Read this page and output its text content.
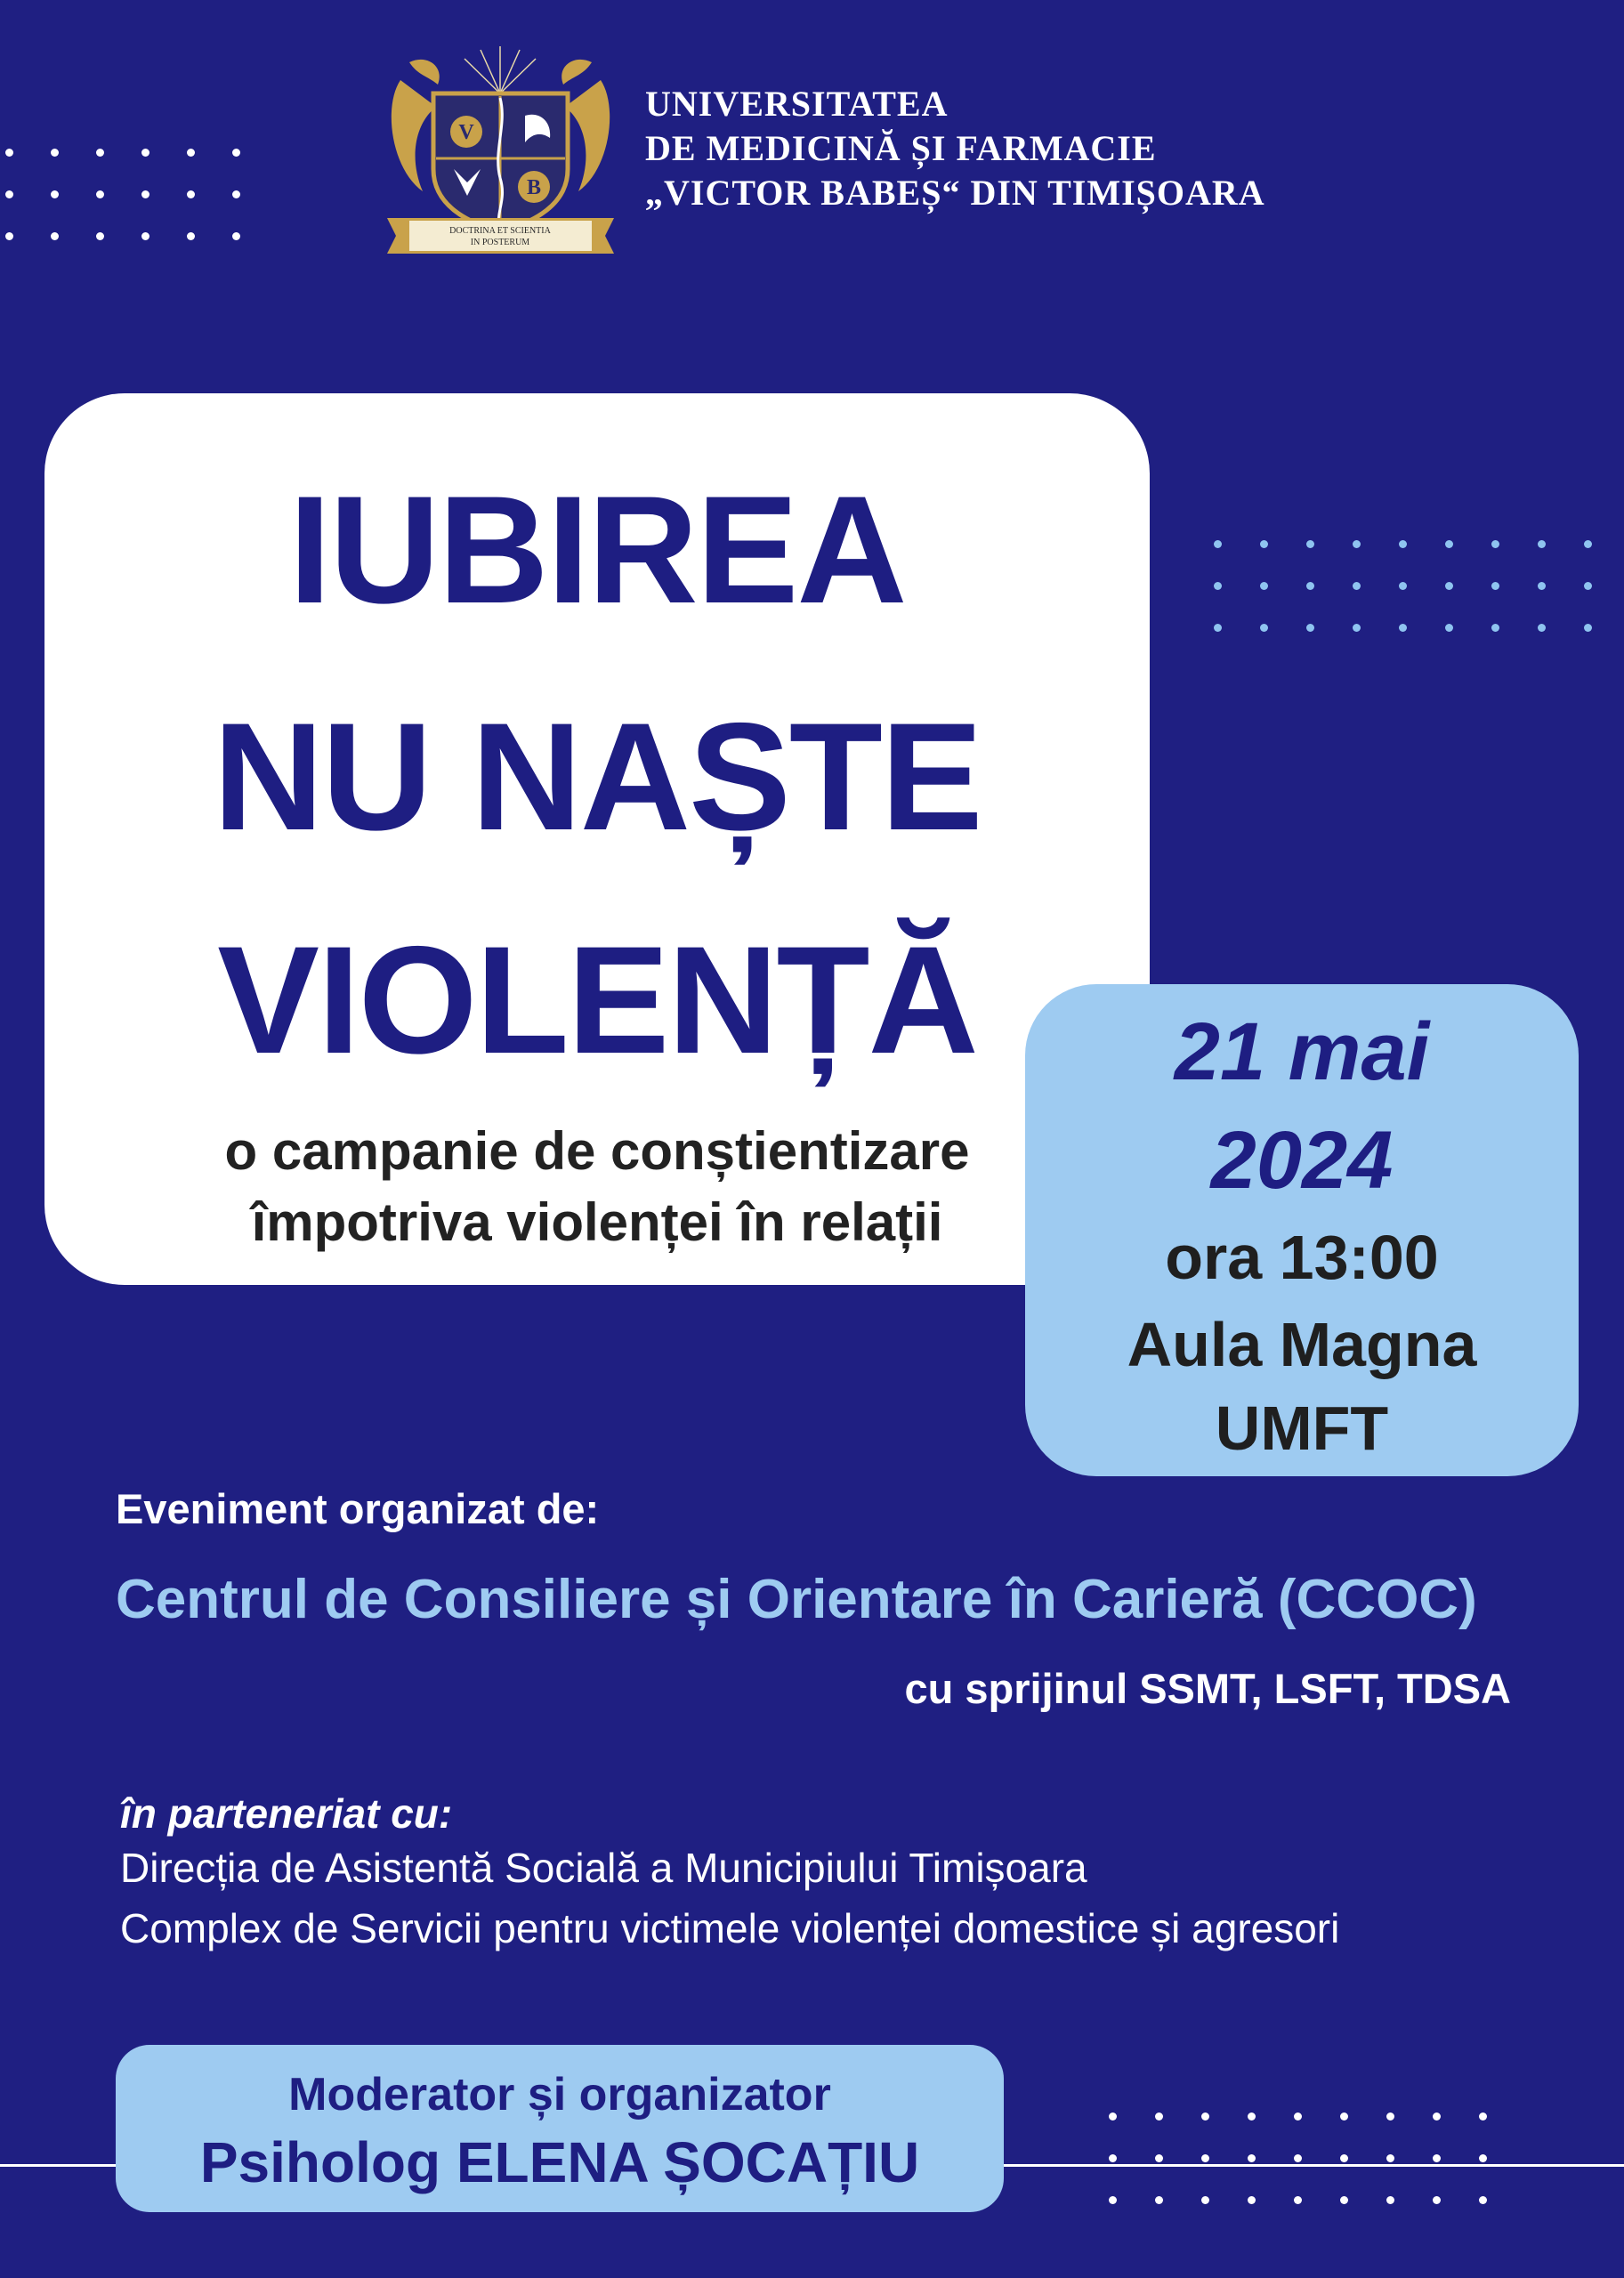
V
B
DOCTRINA ET SCIENTIA
IN POSTERUM
UNIVERSITATEA
DE MEDICINĂ ȘI FARMACIE
„VICTOR BABEȘ“ DIN TIMIȘOARA
IUBIREA
NU NAȘTE
VIOLENȚĂ
o campanie de conștientizare
împotriva violenței în relații
21 mai
2024
ora 13:00
Aula Magna
UMFT
Eveniment organizat de:
Centrul de Consiliere și Orientare în Carieră (CCOC)
cu sprijinul SSMT, LSFT, TDSA
în parteneriat cu:
Direcția de Asistentă Socială a Municipiului Timișoara
Complex de Servicii pentru victimele violenței domestice și agresori
Moderator și organizator
Psiholog ELENA ȘOCAȚIU
